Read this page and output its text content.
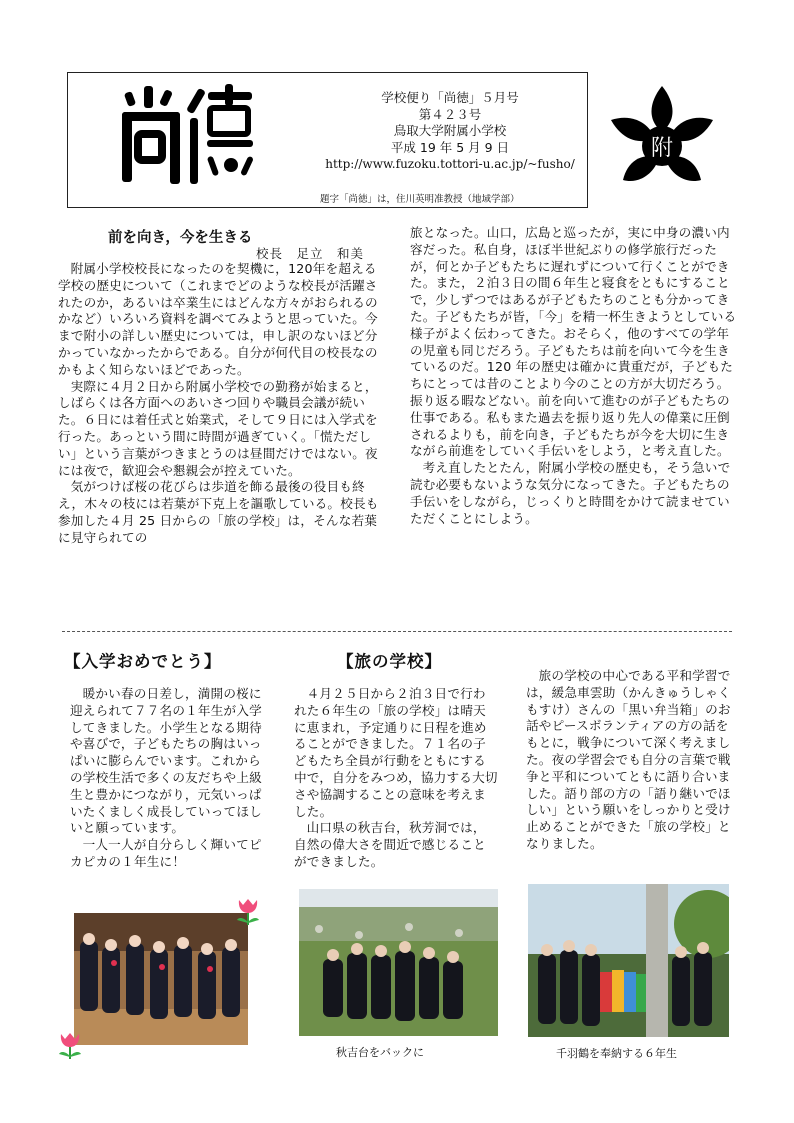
学校便り「尚徳」５月号
第４２３号
鳥取大学附属小学校
平成 19 年 5 月 9 日
http://www.fuzoku.tottori-u.ac.jp/~fusho/
題字「尚徳」は，住川英明准教授（地域学部）
附
前を向き，今を生きる
校長　足立　和美

附属小学校校長になったのを契機に，120年を超える学校の歴史について（これまでどのような校長が活躍されたのか，あるいは卒業生にはどんな方々がおられるのかなど）いろいろ資料を調べてみようと思っていた。今まで附小の詳しい歴史については，申し訳のないほど分かっていなかったからである。自分が何代目の校長なのかもよく知らないほどであった。

実際に４月２日から附属小学校での勤務が始まると，しばらくは各方面へのあいさつ回りや職員会議が続いた。６日には着任式と始業式，そして９日には入学式を行った。あっという間に時間が過ぎていく。「慌ただしい」という言葉がつきまとうのは昼間だけではない。夜には夜で，歓迎会や懇親会が控えていた。

気がつけば桜の花びらは歩道を飾る最後の役目も終え，木々の枝には若葉が下克上を謳歌している。校長も参加した４月 25 日からの「旅の学校」は，そんな若葉に見守られての

旅となった。山口，広島と巡ったが，実に中身の濃い内容だった。私自身，ほぼ半世紀ぶりの修学旅行だったが，何とか子どもたちに遅れずについて行くことができた。また，２泊３日の間６年生と寝食をともにすることで，少しずつではあるが子どもたちのことも分かってきた。子どもたちが皆，「今」を精一杯生きようとしている様子がよく伝わってきた。おそらく，他のすべての学年の児童も同じだろう。子どもたちは前を向いて今を生きているのだ。120 年の歴史は確かに貴重だが，子どもたちにとっては昔のことより今のことの方が大切だろう。振り返る暇などない。前を向いて進むのが子どもたちの仕事である。私もまた過去を振り返り先人の偉業に圧倒されるよりも，前を向き，子どもたちが今を大切に生きながら前進をしていく手伝いをしよう，と考え直した。

考え直したとたん，附属小学校の歴史も，そう急いで読む必要もないような気分になってきた。子どもたちの手伝いをしながら，じっくりと時間をかけて読ませていただくことにしよう。

【入学おめでとう】	【旅の学校】

暖かい春の日差し，満開の桜に迎えられて７７名の１年生が入学してきました。小学生となる期待や喜びで，子どもたちの胸はいっぱいに膨らんでいます。これからの学校生活で多くの友だちや上級生と豊かにつながり，元気いっぱいたくましく成長していってほしいと願っています。

一人一人が自分らしく輝いてピカピカの１年生に！

４月２５日から２泊３日で行われた６年生の「旅の学校」は晴天に恵まれ，予定通りに日程を進めることができました。７１名の子どもたち全員が行動をともにする中で，自分をみつめ，協力する大切さや協調することの意味を考えました。

山口県の秋吉台，秋芳洞では，自然の偉大さを間近で感じることができました。

旅の学校の中心である平和学習では，緩急車雲助（かんきゅうしゃくもすけ）さんの「黒い弁当箱」のお話やピースボランティアの方の話をもとに，戦争について深く考えました。夜の学習会でも自分の言葉で戦争と平和についてともに語り合いました。語り部の方の「語り継いでほしい」という願いをしっかりと受け止めることができた「旅の学校」となりました。

秋吉台をバックに	千羽鶴を奉納する６年生
